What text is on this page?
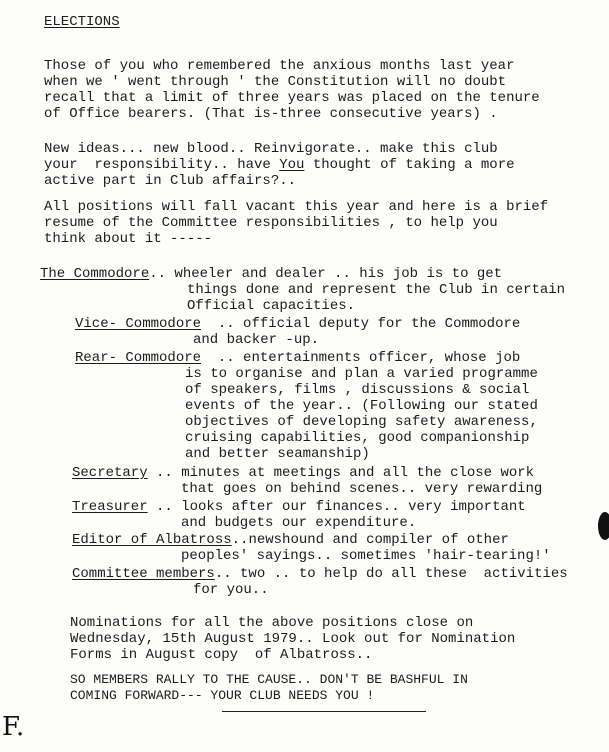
ELECTIONS
Those of you who remembered the anxious months last year
when we ' went through ' the Constitution will no doubt
recall that a limit of three years was placed on the tenure
of Office bearers. (That is-three consecutive years) .
New ideas... new blood.. Reinvigorate.. make this club
your  responsibility.. have You thought of taking a more
active part in Club affairs?..
All positions will fall vacant this year and here is a brief
resume of the Committee responsibilities , to help you
think about it -----
The Commodore.. wheeler and dealer .. his job is to get
things done and represent the Club in certain
Official capacities.
Vice- Commodore  .. official deputy for the Commodore
and backer -up.
Rear- Commodore  .. entertainments officer, whose job
is to organise and plan a varied programme
of speakers, films , discussions & social
events of the year.. (Following our stated
objectives of developing safety awareness,
cruising capabilities, good companionship
and better seamanship)
Secretary .. minutes at meetings and all the close work
that goes on behind scenes.. very rewarding
Treasurer .. looks after our finances.. very important
and budgets our expenditure.
Editor of Albatross..newshound and compiler of other
peoples' sayings.. sometimes 'hair-tearing!'
Committee members.. two .. to help do all these  activities
for you..
Nominations for all the above positions close on
Wednesday, 15th August 1979.. Look out for Nomination
Forms in August copy  of Albatross..
SO MEMBERS RALLY TO THE CAUSE.. DON'T BE BASHFUL IN
COMING FORWARD--- YOUR CLUB NEEDS YOU !
F.
